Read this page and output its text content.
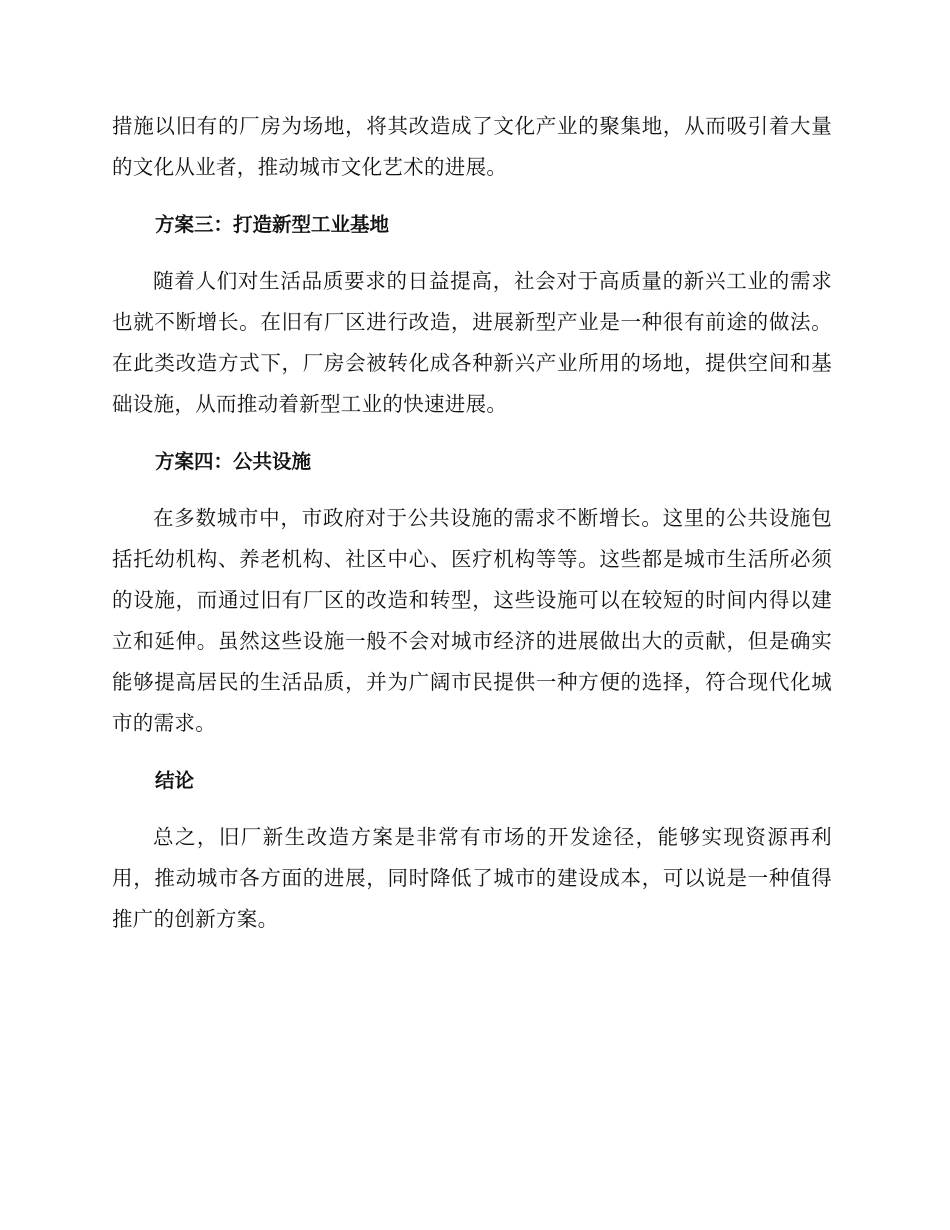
措施以旧有的厂房为场地，将其改造成了文化产业的聚集地，从而吸引着大量的文化从业者，推动城市文化艺术的进展。

方案三：打造新型工业基地

随着人们对生活品质要求的日益提高，社会对于高质量的新兴工业的需求也就不断增长。在旧有厂区进行改造，进展新型产业是一种很有前途的做法。在此类改造方式下，厂房会被转化成各种新兴产业所用的场地，提供空间和基础设施，从而推动着新型工业的快速进展。

方案四：公共设施

在多数城市中，市政府对于公共设施的需求不断增长。这里的公共设施包括托幼机构、养老机构、社区中心、医疗机构等等。这些都是城市生活所必须的设施，而通过旧有厂区的改造和转型，这些设施可以在较短的时间内得以建立和延伸。虽然这些设施一般不会对城市经济的进展做出大的贡献，但是确实能够提高居民的生活品质，并为广阔市民提供一种方便的选择，符合现代化城市的需求。

结论

总之，旧厂新生改造方案是非常有市场的开发途径，能够实现资源再利用，推动城市各方面的进展，同时降低了城市的建设成本，可以说是一种值得推广的创新方案。
